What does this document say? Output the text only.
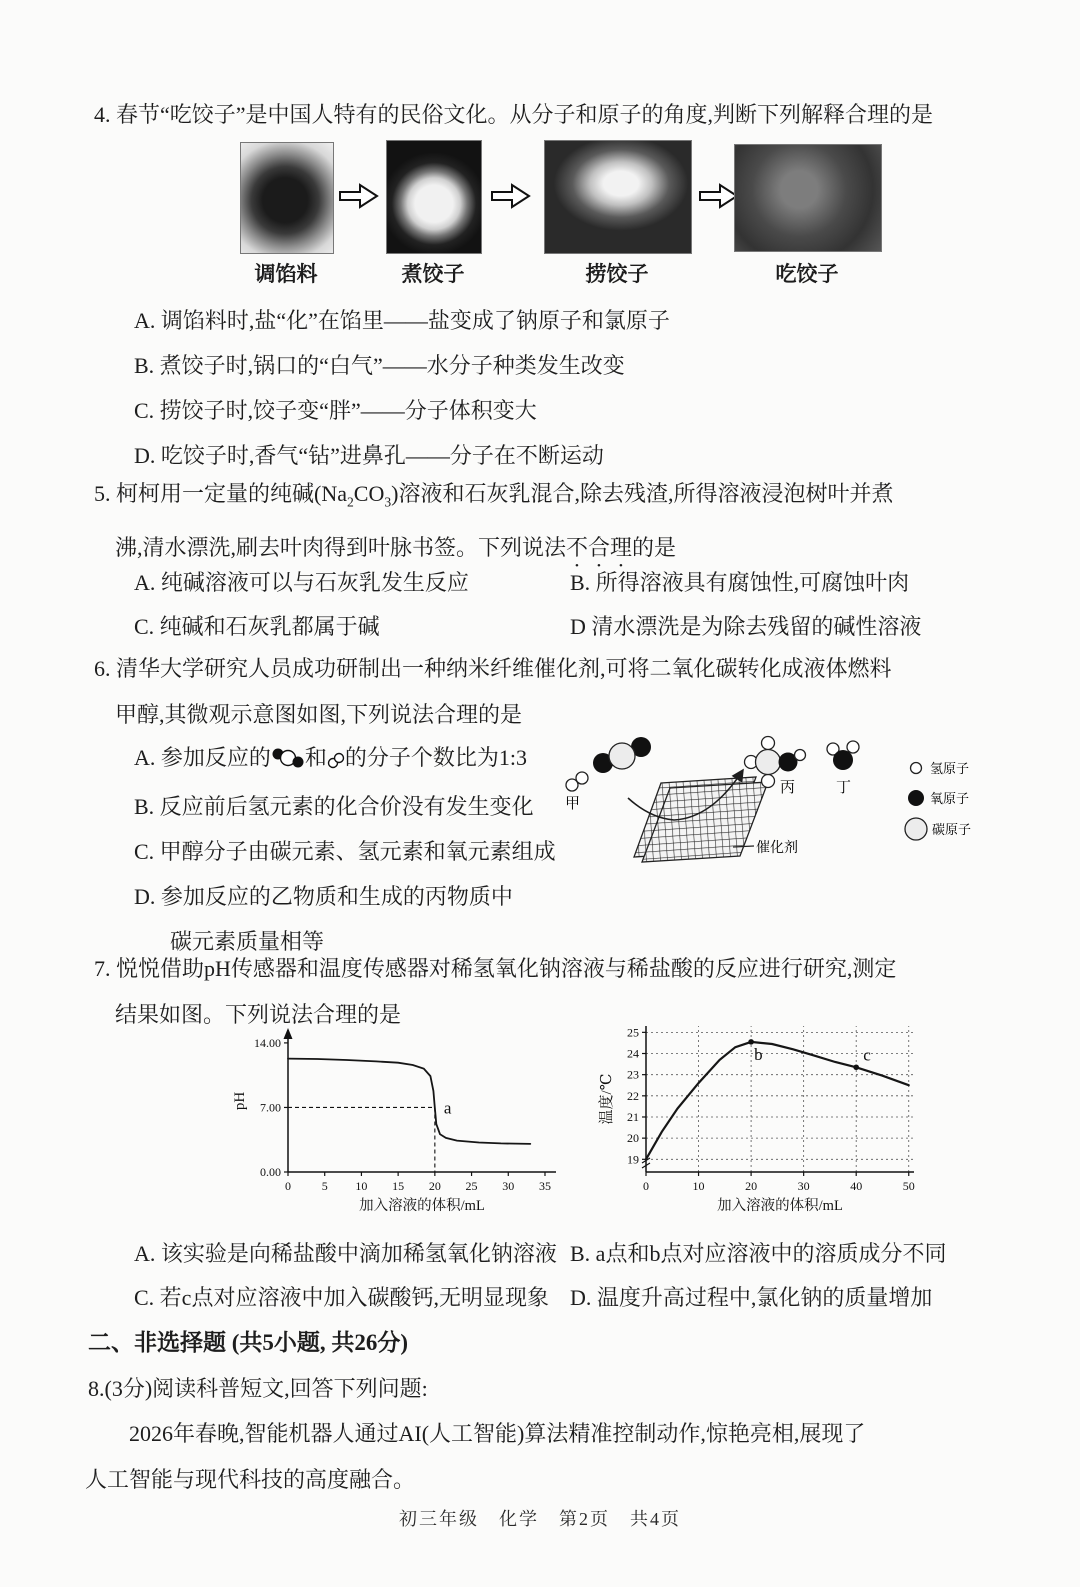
4. 春节“吃饺子”是中国人特有的民俗文化。从分子和原子的角度,判断下列解释合理的是
调馅料	煮饺子	捞饺子	吃饺子
A. 调馅料时,盐“化”在馅里——盐变成了钠原子和氯原子
B. 煮饺子时,锅口的“白气”——水分子种类发生改变
C. 捞饺子时,饺子变“胖”——分子体积变大
D. 吃饺子时,香气“钻”进鼻孔——分子在不断运动
5. 柯柯用一定量的纯碱$(Na_2CO_3)$溶液和石灰乳混合,除去残渣,所得溶液浸泡树叶并煮
沸,清水漂洗,刷去叶肉得到叶脉书签。下列说法不合理的是
A. 纯碱溶液可以与石灰乳发生反应	B. 所得溶液具有腐蚀性,可腐蚀叶肉
C. 纯碱和石灰乳都属于碱	D 清水漂洗是为除去残留的碱性溶液
6. 清华大学研究人员成功研制出一种纳米纤维催化剂,可将二氧化碳转化成液体燃料
甲醇,其微观示意图如图,下列说法合理的是
A. 参加反应的 和 的分子个数比为1:3
B. 反应前后氢元素的化合价没有发生变化
C. 甲醇分子由碳元素、氢元素和氧元素组成
D. 参加反应的乙物质和生成的丙物质中
碳元素质量相等
甲
丙	丁
催化剂
氢原子
氧原子
碳原子
7. 悦悦借助pH传感器和温度传感器对稀氢氧化钠溶液与稀盐酸的反应进行研究,测定
结果如图。下列说法合理的是
0	5 10 15 20 25 30 35
0.00
7.00
14.00
a
加入溶液的体积/mL
pH
0	10	20	30	40	50
19
20
21
22
23
24
25
b	c
加入溶液的体积/mL
温度/℃
A. 该实验是向稀盐酸中滴加稀氢氧化钠溶液 B. a点和b点对应溶液中的溶质成分不同
C. 若c点对应溶液中加入碳酸钙,无明显现象 D. 温度升高过程中,氯化钠的质量增加
二、非选择题 (共5小题, 共26分)
8.(3分)阅读科普短文,回答下列问题:
2026年春晚,智能机器人通过AI(人工智能)算法精准控制动作,惊艳亮相,展现了
人工智能与现代科技的高度融合。
初三年级　化学　第2页　共4页
